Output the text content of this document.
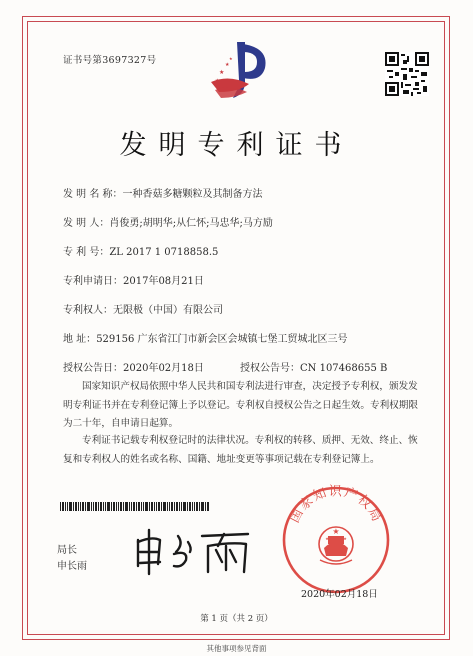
证书号第3697327号
★
★
★
★
发明专利证书
发 明 名 称：一种香菇多糖颗粒及其制备方法
发 明 人：肖俊勇;胡明华;从仁怀;马忠华;马方励
专 利 号：ZL 2017 1 0718858.5
专利申请日：2017年08月21日
专利权人：无限极（中国）有限公司
地 址：529156 广东省江门市新会区会城镇七堡工贸城北区三号
授权公告日：2020年02月18日	授权公告号：CN 107468655 B
国家知识产权局依照中华人民共和国专利法进行审查，决定授予专利权，颁发发明专利证书并在专利登记簿上予以登记。专利权自授权公告之日起生效。专利权期限为二十年，自申请日起算。
专利证书记载专利权登记时的法律状况。专利权的转移、质押、无效、终止、恢复和专利权人的姓名或名称、国籍、地址变更等事项记载在专利登记簿上。
局长
申长雨
国家知识产权局
★
★	★
2020年02月18日
第 1 页（共 2 页）
其他事项参见背面
